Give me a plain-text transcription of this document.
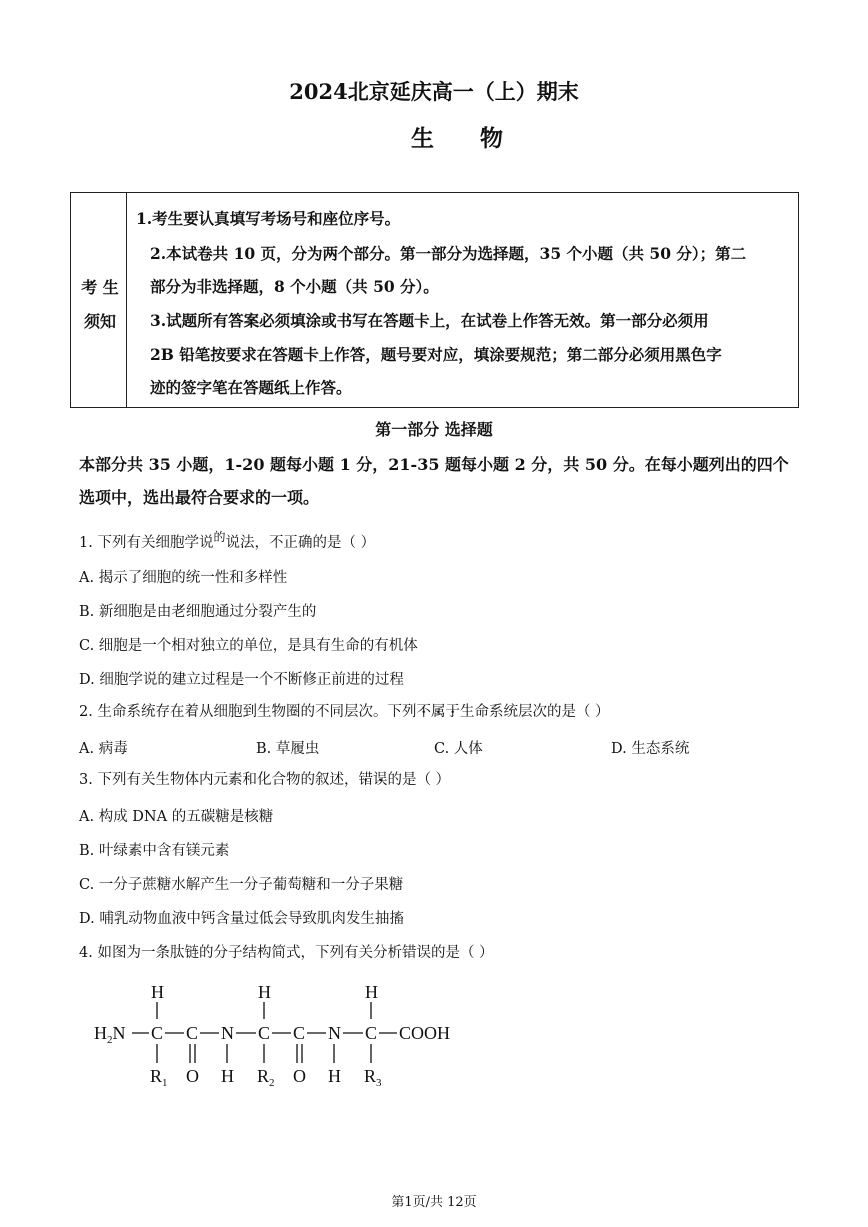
2024北京延庆高一（上）期末
生物
考 生
须知
1.考生要认真填写考场号和座位序号。
2.本试卷共 10 页，分为两个部分。第一部分为选择题，35 个小题（共 50 分）；第二
部分为非选择题，8 个小题（共 50 分）。
3.试题所有答案必须填涂或书写在答题卡上，在试卷上作答无效。第一部分必须用
2B 铅笔按要求在答题卡上作答，题号要对应，填涂要规范；第二部分必须用黑色字
迹的签字笔在答题纸上作答。
第一部分 选择题
本部分共 35 小题，1-20 题每小题 1 分，21-35 题每小题 2 分，共 50 分。在每小题列出的四个
选项中，选出最符合要求的一项。
1. 下列有关细胞学说$^的$说法，不正确的是（ ）
A. 揭示了细胞的统一性和多样性
B. 新细胞是由老细胞通过分裂产生的
C. 细胞是一个相对独立的单位，是具有生命的有机体
D. 细胞学说的建立过程是一个不断修正前进的过程
2. 生命系统存在着从细胞到生物圈的不同层次。下列不 •属 •于 •生命系统层次的是（ ）
A. 病毒	B. 草履虫	C. 人体	D. 生态系统
3. 下列有关生物体内元素和化合物的叙述，错 •误 •的是（ ）
A. 构成 DNA 的五碳糖是核糖
B. 叶绿素中含有镁元素
C. 一分子蔗糖水解产生一分子葡萄糖和一分子果糖
D. 哺乳动物血液中钙含量过低会导致肌肉发生抽搐
4. 如图为一条肽链的分子结构简式，下列有关分析错误的是（ ）
H	H	H
$H_2N$ C C N C C N C COOH
$R_1$ O H $R_2$ O H $R_3$
第1页/共 12页
